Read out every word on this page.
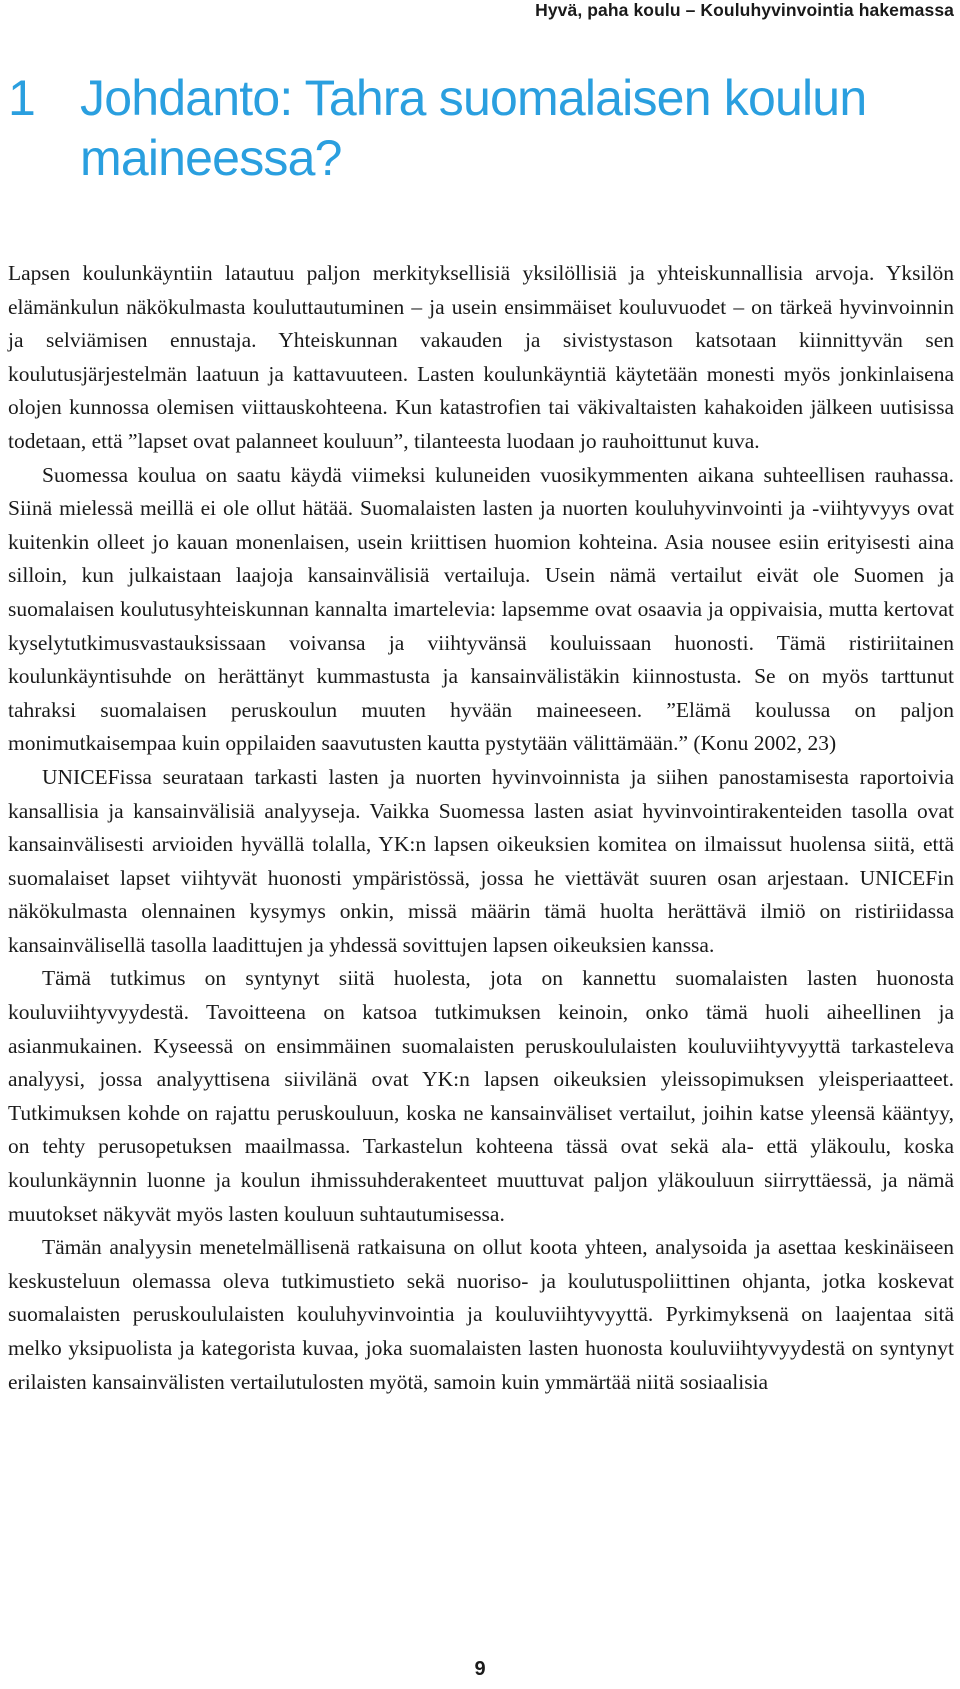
Hyvä, paha koulu – Kouluhyvinvointia hakemassa
1 Johdanto: Tahra suomalaisen koulun maineessa?

Lapsen koulunkäyntiin latautuu paljon merkityksellisiä yksilöllisiä ja yhteiskunnallisia arvoja. Yksilön elämänkulun näkökulmasta kouluttautuminen – ja usein ensimmäiset kouluvuodet – on tärkeä hyvinvoinnin ja selviämisen ennustaja. Yhteiskunnan vakauden ja sivistystason katsotaan kiinnittyvän sen koulutusjärjestelmän laatuun ja kattavuuteen. Lasten koulunkäyntiä käytetään monesti myös jonkinlaisena olojen kunnossa olemisen viittauskohteena. Kun katastrofien tai väkivaltaisten kahakoiden jälkeen uutisissa todetaan, että ”lapset ovat palanneet kouluun”, tilanteesta luodaan jo rauhoittunut kuva.

Suomessa koulua on saatu käydä viimeksi kuluneiden vuosikymmenten aikana suhteellisen rauhassa. Siinä mielessä meillä ei ole ollut hätää. Suomalaisten lasten ja nuorten kouluhyvinvointi ja -viihtyvyys ovat kuitenkin olleet jo kauan monenlaisen, usein kriittisen huomion kohteina. Asia nousee esiin erityisesti aina silloin, kun julkaistaan laajoja kansainvälisiä vertailuja. Usein nämä vertailut eivät ole Suomen ja suomalaisen koulutusyhteiskunnan kannalta imartelevia: lapsemme ovat osaavia ja oppivaisia, mutta kertovat kyselytutkimusvastauksissaan voivansa ja viihtyvänsä kouluissaan huonosti. Tämä ristiriitainen koulunkäyntisuhde on herättänyt kummastusta ja kansainvälistäkin kiinnostusta. Se on myös tarttunut tahraksi suomalaisen peruskoulun muuten hyvään maineeseen. ”Elämä koulussa on paljon monimutkaisempaa kuin oppilaiden saavutusten kautta pystytään välittämään.” (Konu 2002, 23)

UNICEFissa seurataan tarkasti lasten ja nuorten hyvinvoinnista ja siihen panostamisesta raportoivia kansallisia ja kansainvälisiä analyyseja. Vaikka Suomessa lasten asiat hyvinvointirakenteiden tasolla ovat kansainvälisesti arvioiden hyvällä tolalla, YK:n lapsen oikeuksien komitea on ilmaissut huolensa siitä, että suomalaiset lapset viihtyvät huonosti ympäristössä, jossa he viettävät suuren osan arjestaan. UNICEFin näkökulmasta olennainen kysymys onkin, missä määrin tämä huolta herättävä ilmiö on ristiriidassa kansainvälisellä tasolla laadittujen ja yhdessä sovittujen lapsen oikeuksien kanssa.

Tämä tutkimus on syntynyt siitä huolesta, jota on kannettu suomalaisten lasten huonosta kouluviihtyvyydestä. Tavoitteena on katsoa tutkimuksen keinoin, onko tämä huoli aiheellinen ja asianmukainen. Kyseessä on ensimmäinen suomalaisten peruskoululaisten kouluviihtyvyyttä tarkasteleva analyysi, jossa analyyttisena siivilänä ovat YK:n lapsen oikeuksien yleissopimuksen yleisperiaatteet. Tutkimuksen kohde on rajattu peruskouluun, koska ne kansainväliset vertailut, joihin katse yleensä kääntyy, on tehty perusopetuksen maailmassa. Tarkastelun kohteena tässä ovat sekä ala- että yläkoulu, koska koulunkäynnin luonne ja koulun ihmissuhderakenteet muuttuvat paljon yläkouluun siirryttäessä, ja nämä muutokset näkyvät myös lasten kouluun suhtautumisessa.

Tämän analyysin menetelmällisenä ratkaisuna on ollut koota yhteen, analysoida ja asettaa keskinäiseen keskusteluun olemassa oleva tutkimustieto sekä nuoriso- ja koulutuspoliittinen ohjanta, jotka koskevat suomalaisten peruskoululaisten kouluhyvinvointia ja kouluviihtyvyyttä. Pyrkimyksenä on laajentaa sitä melko yksipuolista ja kategorista kuvaa, joka suomalaisten lasten huonosta kouluviihtyvyydestä on syntynyt erilaisten kansainvälisten vertailutulosten myötä, samoin kuin ymmärtää niitä sosiaalisia

9
